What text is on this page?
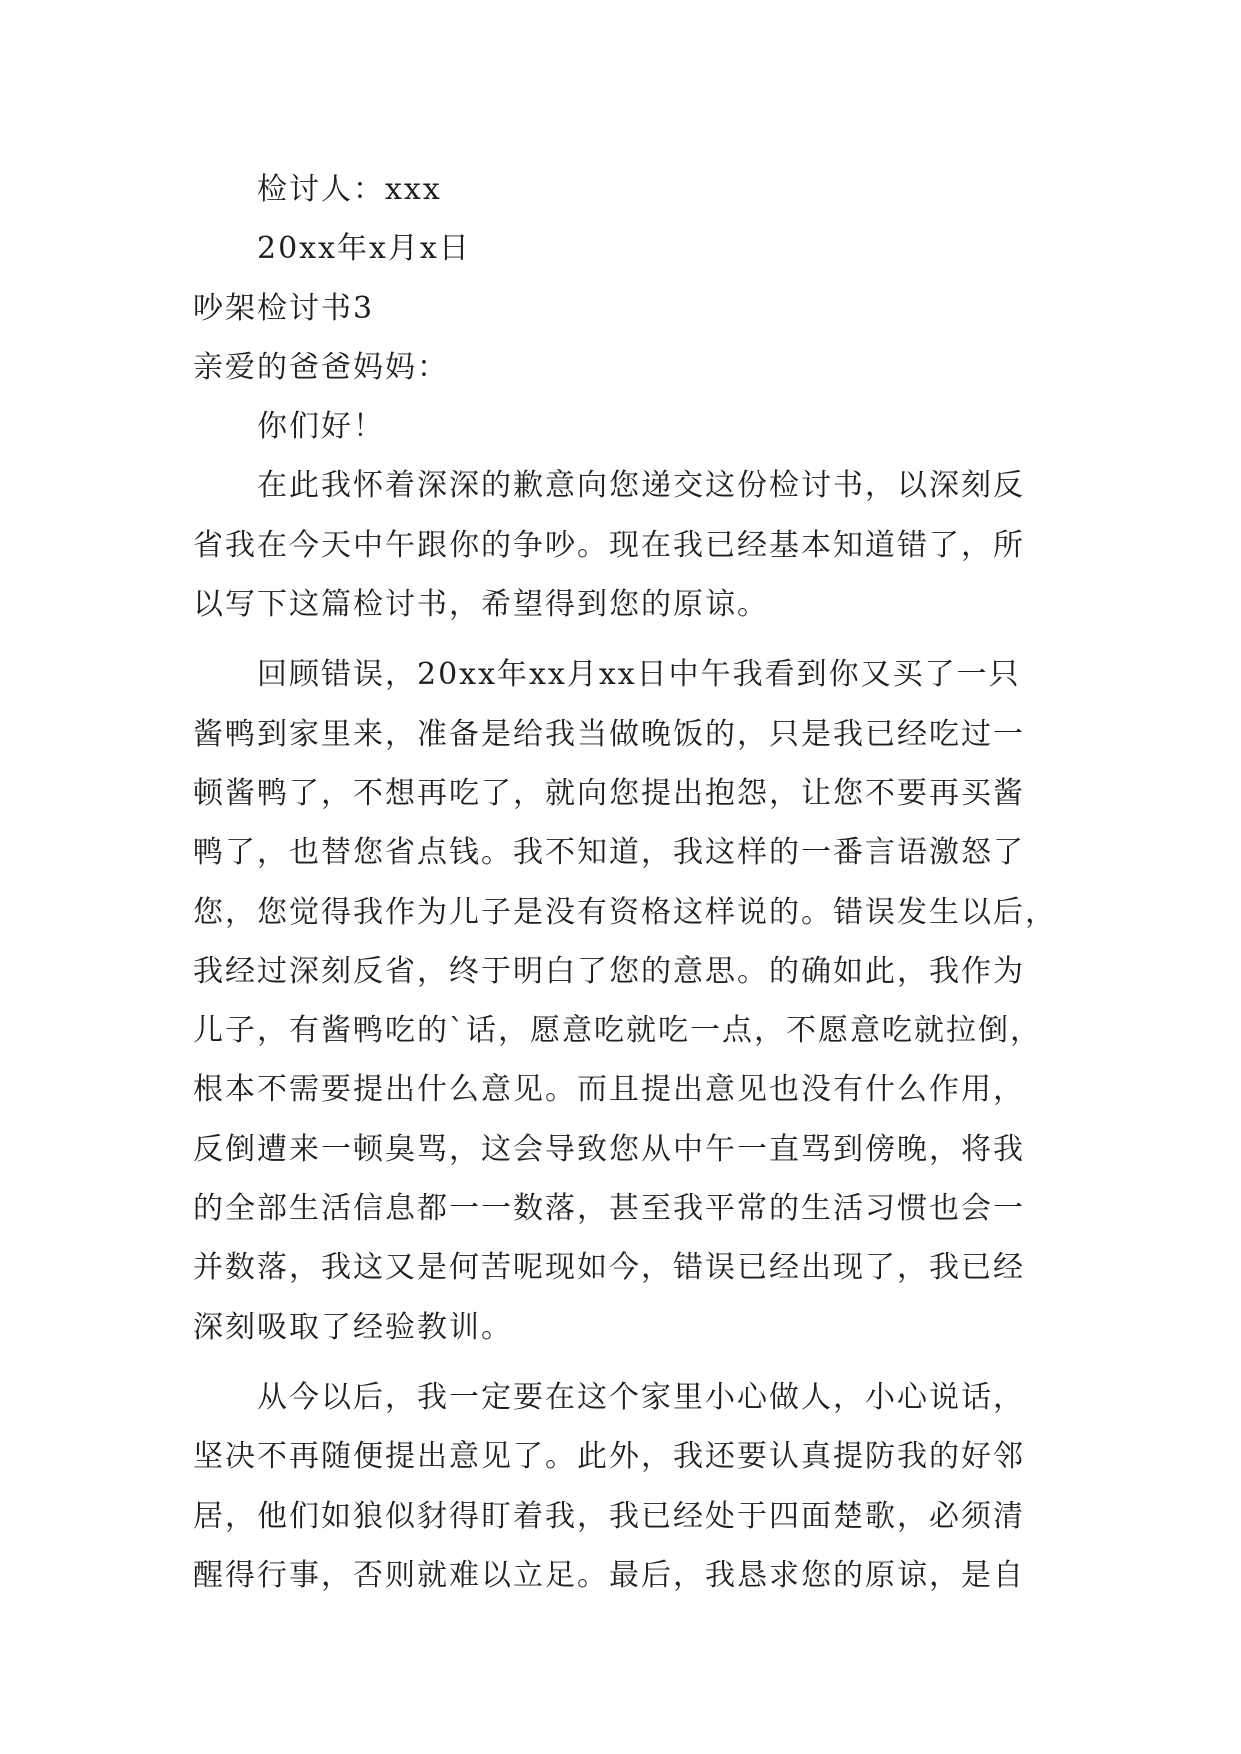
检讨人：xxx

20xx年x月x日

吵架检讨书3

亲爱的爸爸妈妈：

你们好！

在此我怀着深深的歉意向您递交这份检讨书，以深刻反

省我在今天中午跟你的争吵。现在我已经基本知道错了，所

以写下这篇检讨书，希望得到您的原谅。

回顾错误，20xx年xx月xx日中午我看到你又买了一只

酱鸭到家里来，准备是给我当做晚饭的，只是我已经吃过一

顿酱鸭了，不想再吃了，就向您提出抱怨，让您不要再买酱

鸭了，也替您省点钱。我不知道，我这样的一番言语激怒了

您，您觉得我作为儿子是没有资格这样说的。错误发生以后，

我经过深刻反省，终于明白了您的意思。的确如此，我作为

儿子，有酱鸭吃的`话，愿意吃就吃一点，不愿意吃就拉倒，

根本不需要提出什么意见。而且提出意见也没有什么作用，

反倒遭来一顿臭骂，这会导致您从中午一直骂到傍晚，将我

的全部生活信息都一一数落，甚至我平常的生活习惯也会一

并数落，我这又是何苦呢现如今，错误已经出现了，我已经

深刻吸取了经验教训。

从今以后，我一定要在这个家里小心做人，小心说话，

坚决不再随便提出意见了。此外，我还要认真提防我的好邻

居，他们如狼似豺得盯着我，我已经处于四面楚歌，必须清

醒得行事，否则就难以立足。最后，我恳求您的原谅，是自
